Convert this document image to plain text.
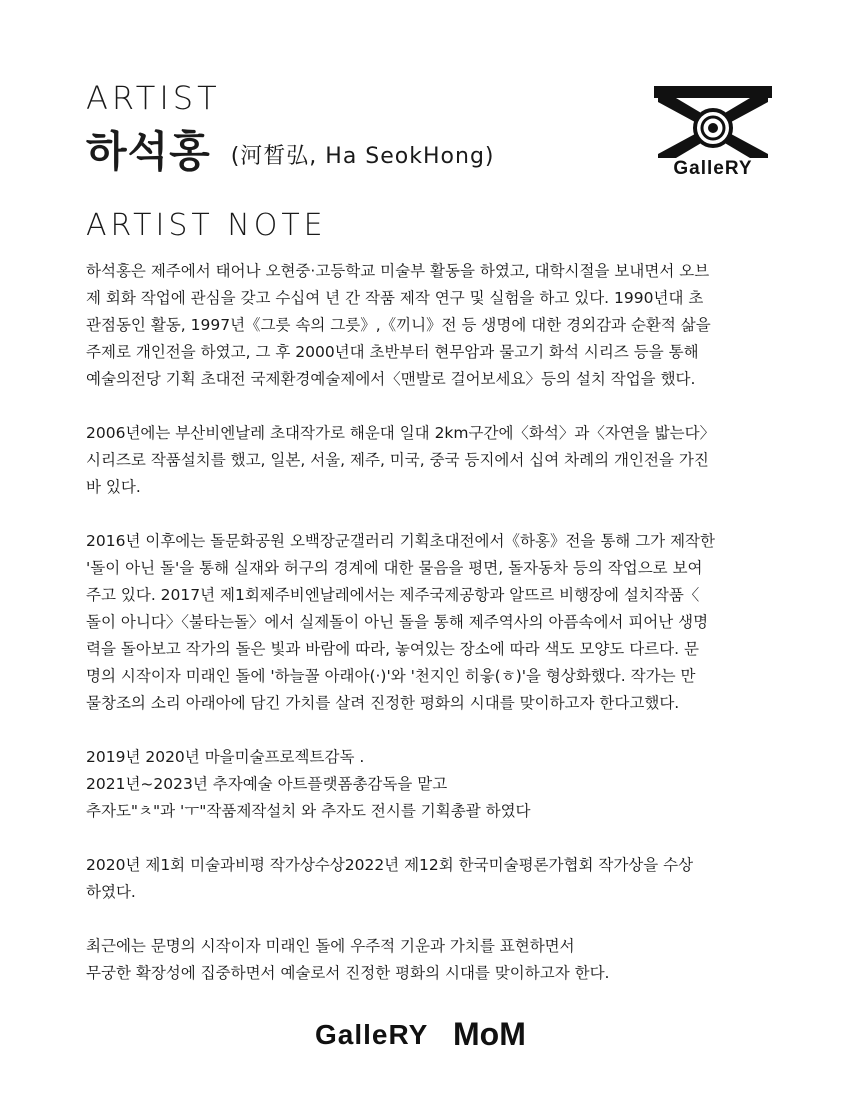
ARTIST
하석홍 (河晳弘, Ha SeokHong)	GalleRY
ARTIST NOTE

하석홍은 제주에서 태어나 오현중·고등학교 미술부 활동을 하였고, 대학시절을 보내면서 오브
제 회화 작업에 관심을 갖고 수십여 년 간 작품 제작 연구 및 실험을 하고 있다. 1990년대 초
관점동인 활동, 1997년《그릇 속의 그릇》,《끼니》전 등 생명에 대한 경외감과 순환적 삶을
주제로 개인전을 하였고, 그 후 2000년대 초반부터 현무암과 물고기 화석 시리즈 등을 통해
예술의전당 기획 초대전 국제환경예술제에서〈맨발로 걸어보세요〉등의 설치 작업을 했다.

2006년에는 부산비엔날레 초대작가로 해운대 일대 2km구간에〈화석〉과〈자연을 밟는다〉
시리즈로 작품설치를 했고, 일본, 서울, 제주, 미국, 중국 등지에서 십여 차례의 개인전을 가진
바 있다.

2016년 이후에는 돌문화공원 오백장군갤러리 기획초대전에서《하홍》전을 통해 그가 제작한
'돌이 아닌 돌'을 통해 실재와 허구의 경계에 대한 물음을 평면, 돌자동차 등의 작업으로 보여
주고 있다. 2017년 제1회제주비엔날레에서는 제주국제공항과 알뜨르 비행장에 설치작품〈
돌이 아니다〉〈불타는돌〉에서 실제돌이 아닌 돌을 통해 제주역사의 아픔속에서 피어난 생명
력을 돌아보고 작가의 돌은 빛과 바람에 따라, 놓여있는 장소에 따라 색도 모양도 다르다. 문
명의 시작이자 미래인 돌에 '하늘꼴 아래아(·)'와 '천지인 히읗(ㅎ)'을 형상화했다. 작가는 만
물창조의 소리 아래아에 담긴 가치를 살려 진정한 평화의 시대를 맞이하고자 한다고했다.

2019년 2020년 마을미술프로젝트감독 .
2021년~2023년 추자예술 아트플랫폼총감독을 맡고
추자도"ㅊ"과 'ㅜ"작품제작설치 와 추자도 전시를 기획총괄 하였다

2020년 제1회 미술과비평 작가상수상2022년 제12회 한국미술평론가협회 작가상을 수상
하였다.

최근에는 문명의 시작이자 미래인 돌에 우주적 기운과 가치를 표현하면서
무궁한 확장성에 집중하면서 예술로서 진정한 평화의 시대를 맞이하고자 한다.

GalleRY MoM
